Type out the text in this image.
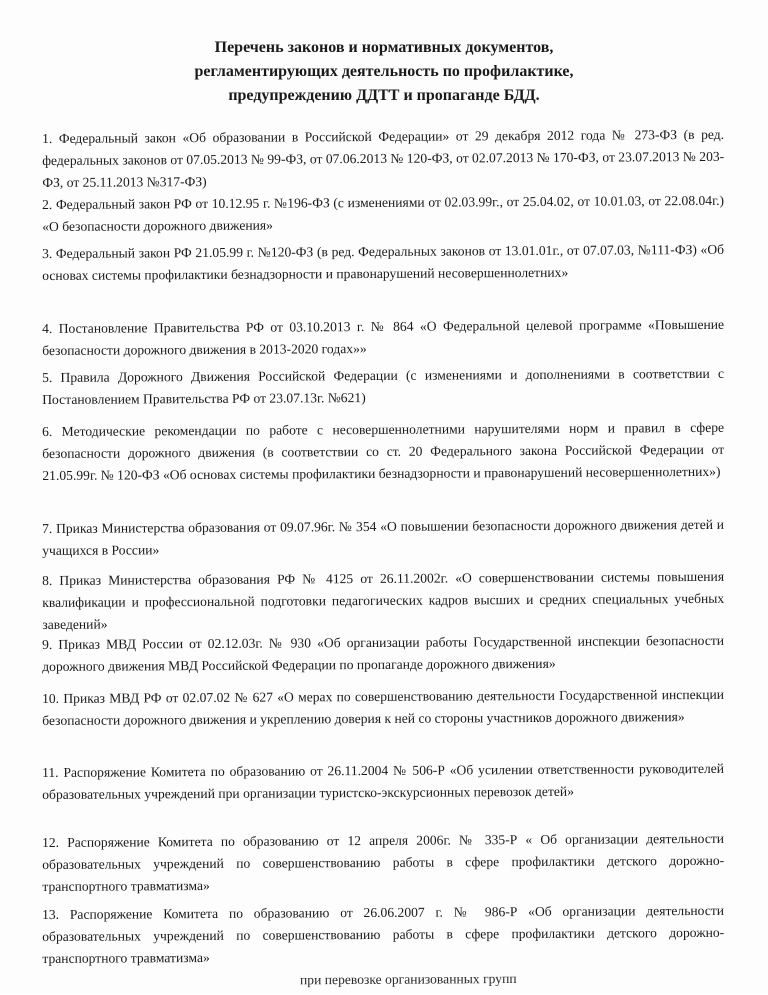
Перечень законов и нормативных документов,
регламентирующих деятельность по профилактике,
предупреждению ДДТТ и пропаганде БДД.
1. Федеральный закон «Об образовании в Российской Федерации» от 29 декабря 2012 года № 273-ФЗ (в ред. федеральных законов от 07.05.2013 № 99-ФЗ, от 07.06.2013 № 120-ФЗ, от 02.07.2013 № 170-ФЗ, от 23.07.2013 № 203-ФЗ, от 25.11.2013 №317-ФЗ)
2. Федеральный закон РФ от 10.12.95 г. №196-ФЗ (с изменениями от 02.03.99г., от 25.04.02, от 10.01.03, от 22.08.04г.) «О безопасности дорожного движения»
3. Федеральный закон РФ 21.05.99 г. №120-ФЗ (в ред. Федеральных законов от 13.01.01г., от 07.07.03, №111-ФЗ) «Об основах системы профилактики безнадзорности и правонарушений несовершеннолетних»
4. Постановление Правительства РФ от 03.10.2013 г. № 864 «О Федеральной целевой программе «Повышение безопасности дорожного движения в 2013-2020 годах»»
5. Правила Дорожного Движения Российской Федерации (с изменениями и дополнениями в соответствии с Постановлением Правительства РФ от 23.07.13г. №621)
6. Методические рекомендации по работе с несовершеннолетними нарушителями норм и правил в сфере безопасности дорожного движения (в соответствии со ст. 20 Федерального закона Российской Федерации от 21.05.99г. № 120-ФЗ «Об основах системы профилактики безнадзорности и правонарушений несовершеннолетних»)
7. Приказ Министерства образования от 09.07.96г. № 354 «О повышении безопасности дорожного движения детей и учащихся в России»
8. Приказ Министерства образования РФ № 4125 от 26.11.2002г. «О совершенствовании системы повышения квалификации и профессиональной подготовки педагогических кадров высших и средних специальных учебных заведений»
9. Приказ МВД России от 02.12.03г. № 930 «Об организации работы Государственной инспекции безопасности дорожного движения МВД Российской Федерации по пропаганде дорожного движения»
10. Приказ МВД РФ от 02.07.02 № 627 «О мерах по совершенствованию деятельности Государственной инспекции безопасности дорожного движения и укреплению доверия к ней со стороны участников дорожного движения»
11. Распоряжение Комитета по образованию от 26.11.2004 № 506-Р «Об усилении ответственности руководителей образовательных учреждений при организации туристско-экскурсионных перевозок детей»
12. Распоряжение Комитета по образованию от 12 апреля 2006г. № 335-Р « Об организации деятельности образовательных учреждений по совершенствованию работы в сфере профилактики детского дорожно-транспортного травматизма»
13. Распоряжение Комитета по образованию от 26.06.2007 г. № 986-Р «Об организации деятельности образовательных учреждений по совершенствованию работы в сфере профилактики детского дорожно-транспортного травматизма»
при перевозке организованных групп
